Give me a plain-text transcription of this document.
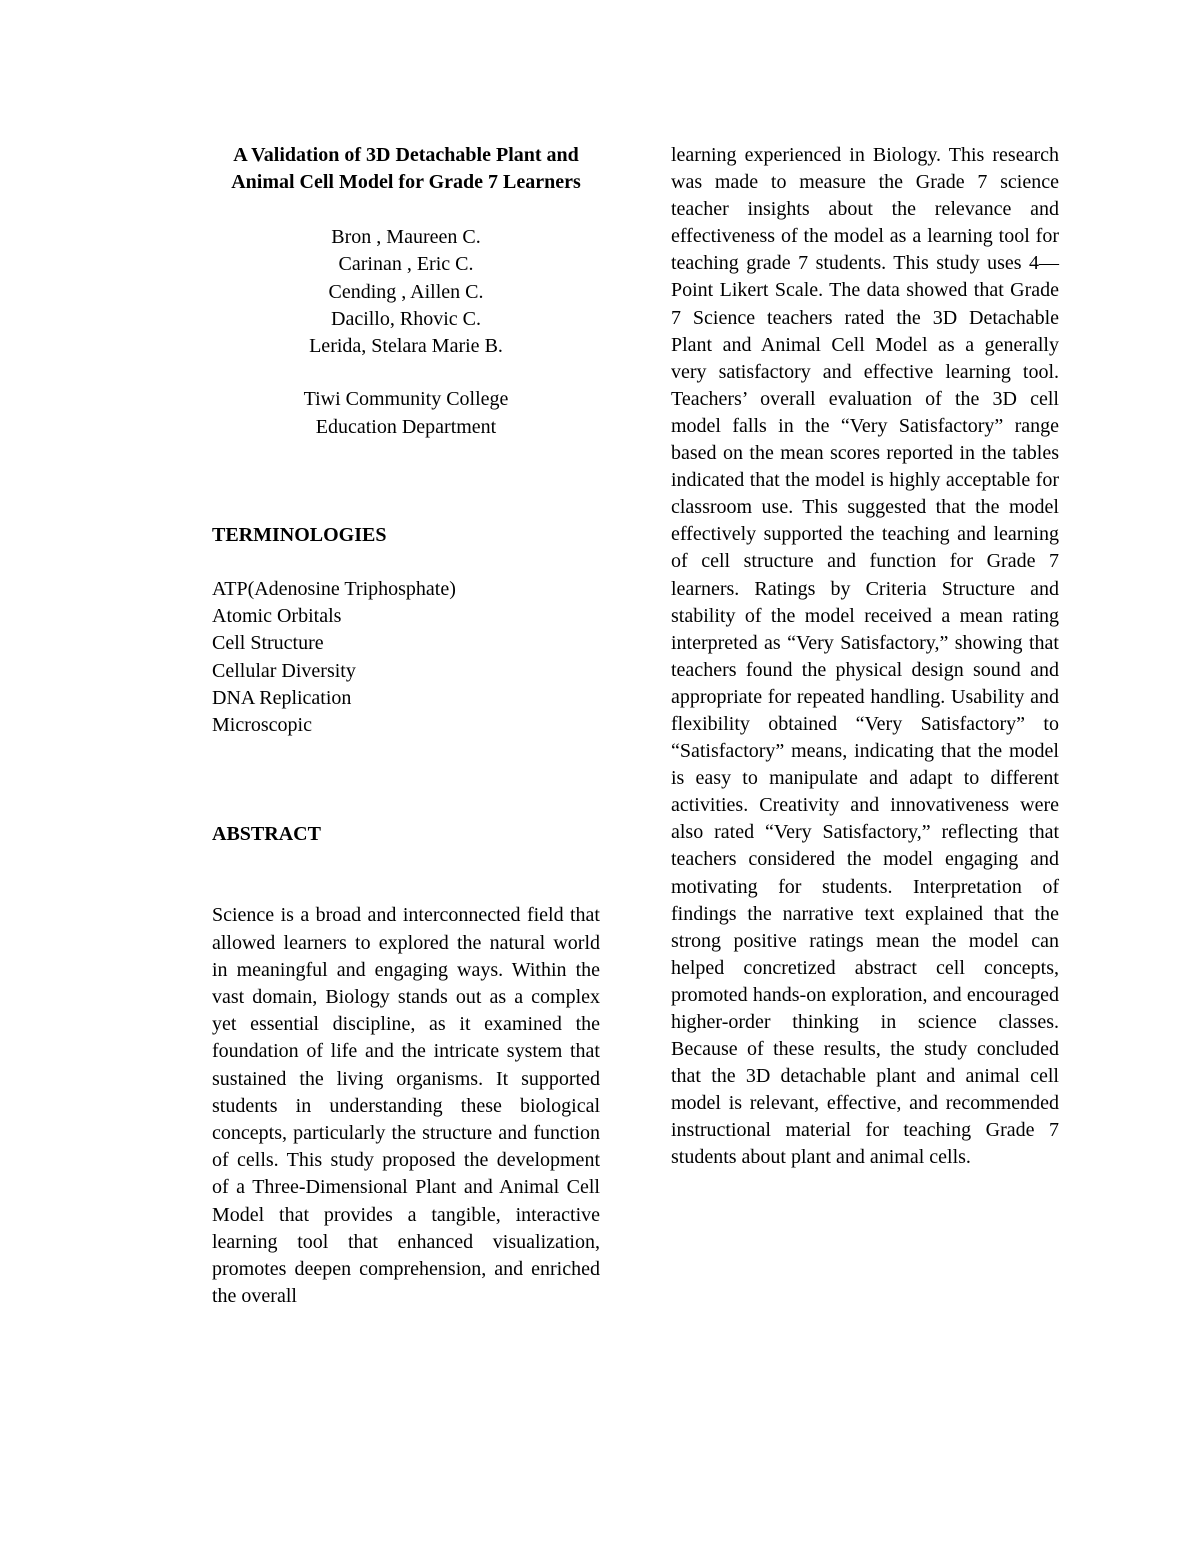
A Validation of 3D Detachable Plant and Animal Cell Model for Grade 7 Learners
Bron , Maureen C.
Carinan , Eric C.
Cending , Aillen C.
Dacillo, Rhovic C.
Lerida, Stelara Marie B.
Tiwi Community College
Education Department
TERMINOLOGIES
ATP(Adenosine Triphosphate)
Atomic Orbitals
Cell Structure
Cellular Diversity
DNA Replication
Microscopic
ABSTRACT

Science is a broad and interconnected field that allowed learners to explored the natural world in meaningful and engaging ways. Within the vast domain, Biology stands out as a complex yet essential discipline, as it examined the foundation of life and the intricate system that sustained the living organisms. It supported students in understanding these biological concepts, particularly the structure and function of cells. This study proposed the development of a Three-Dimensional Plant and Animal Cell Model that provides a tangible, interactive learning tool that enhanced visualization, promotes deepen comprehension, and enriched the overall

learning experienced in Biology. This research was made to measure the Grade 7 science teacher insights about the relevance and effectiveness of the model as a learning tool for teaching grade 7 students. This study uses 4—Point Likert Scale. The data showed that Grade 7 Science teachers rated the 3D Detachable Plant and Animal Cell Model as a generally very satisfactory and effective learning tool. Teachers’ overall evaluation of the 3D cell model falls in the “Very Satisfactory” range based on the mean scores reported in the tables indicated that the model is highly acceptable for classroom use. This suggested that the model effectively supported the teaching and learning of cell structure and function for Grade 7 learners. Ratings by Criteria Structure and stability of the model received a mean rating interpreted as “Very Satisfactory,” showing that teachers found the physical design sound and appropriate for repeated handling. Usability and flexibility obtained “Very Satisfactory” to “Satisfactory” means, indicating that the model is easy to manipulate and adapt to different activities. Creativity and innovativeness were also rated “Very Satisfactory,” reflecting that teachers considered the model engaging and motivating for students. Interpretation of findings the narrative text explained that the strong positive ratings mean the model can helped concretized abstract cell concepts, promoted hands-on exploration, and encouraged higher-order thinking in science classes. Because of these results, the study concluded that the 3D detachable plant and animal cell model is relevant, effective, and recommended instructional material for teaching Grade 7 students about plant and animal cells.
